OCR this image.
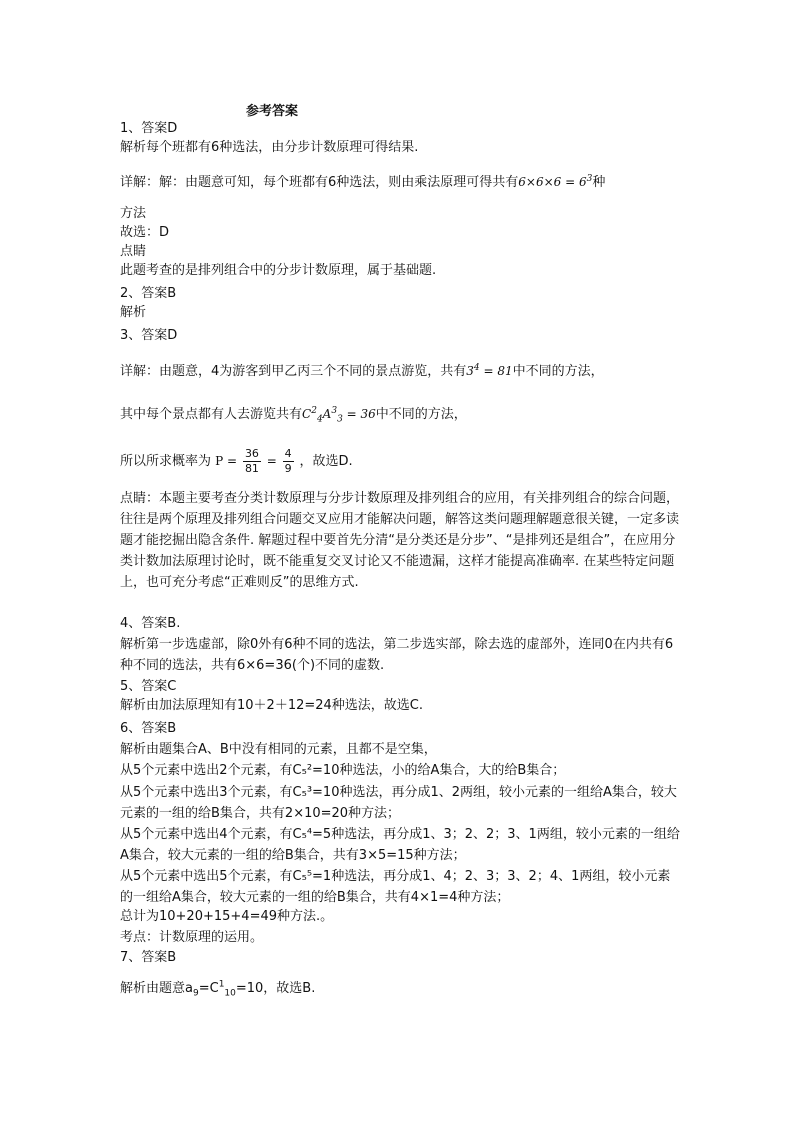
参考答案
1、答案D
解析每个班都有6种选法，由分步计数原理可得结果.
详解：解：由题意可知，每个班都有6种选法，则由乘法原理可得共有$6\times 6\times 6 = 6^3$种
方法
故选：D
点睛
此题考查的是排列组合中的分步计数原理，属于基础题.
2、答案B
解析
3、答案D
详解：由题意，4为游客到甲乙丙三个不同的景点游览，共有$3^4 = 81$中不同的方法，
其中每个景点都有人去游览共有$C^2_4A^3_3 = 36$中不同的方法，
所以所求概率为 $P = \frac{36}{81} = \frac{4}{9}$ ，故选D.
点睛：本题主要考查分类计数原理与分步计数原理及排列组合的应用，有关排列组合的综合问题，往往是两个原理及排列组合问题交叉应用才能解决问题，解答这类问题理解题意很关键，一定多读题才能挖掘出隐含条件. 解题过程中要首先分清“是分类还是分步”、“是排列还是组合”，在应用分类计数加法原理讨论时，既不能重复交叉讨论又不能遗漏，这样才能提高准确率. 在某些特定问题上，也可充分考虑“正难则反”的思维方式.
4、答案B.
解析第一步选虚部，除0外有6种不同的选法，第二步选实部，除去选的虚部外，连同0在内共有6种不同的选法，共有6×6=36(个)不同的虚数.
5、答案C
解析由加法原理知有10＋2＋12=24种选法，故选C.
6、答案B
解析由题集合A、B中没有相同的元素，且都不是空集，
从5个元素中选出2个元素，有C₅²=10种选法，小的给A集合，大的给B集合；
从5个元素中选出3个元素，有C₅³=10种选法，再分成1、2两组，较小元素的一组给A集合，较大元素的一组的给B集合，共有2×10=20种方法；
从5个元素中选出4个元素，有C₅⁴=5种选法，再分成1、3；2、2；3、1两组，较小元素的一组给A集合，较大元素的一组的给B集合，共有3×5=15种方法；
从5个元素中选出5个元素，有C₅⁵=1种选法，再分成1、4；2、3；3、2；4、1两组，较小元素的一组给A集合，较大元素的一组的给B集合，共有4×1=4种方法；
总计为10+20+15+4=49种方法.。
考点：计数原理的运用。
7、答案B
解析由题意$a_9=C^1_{10}=10$，故选B.
